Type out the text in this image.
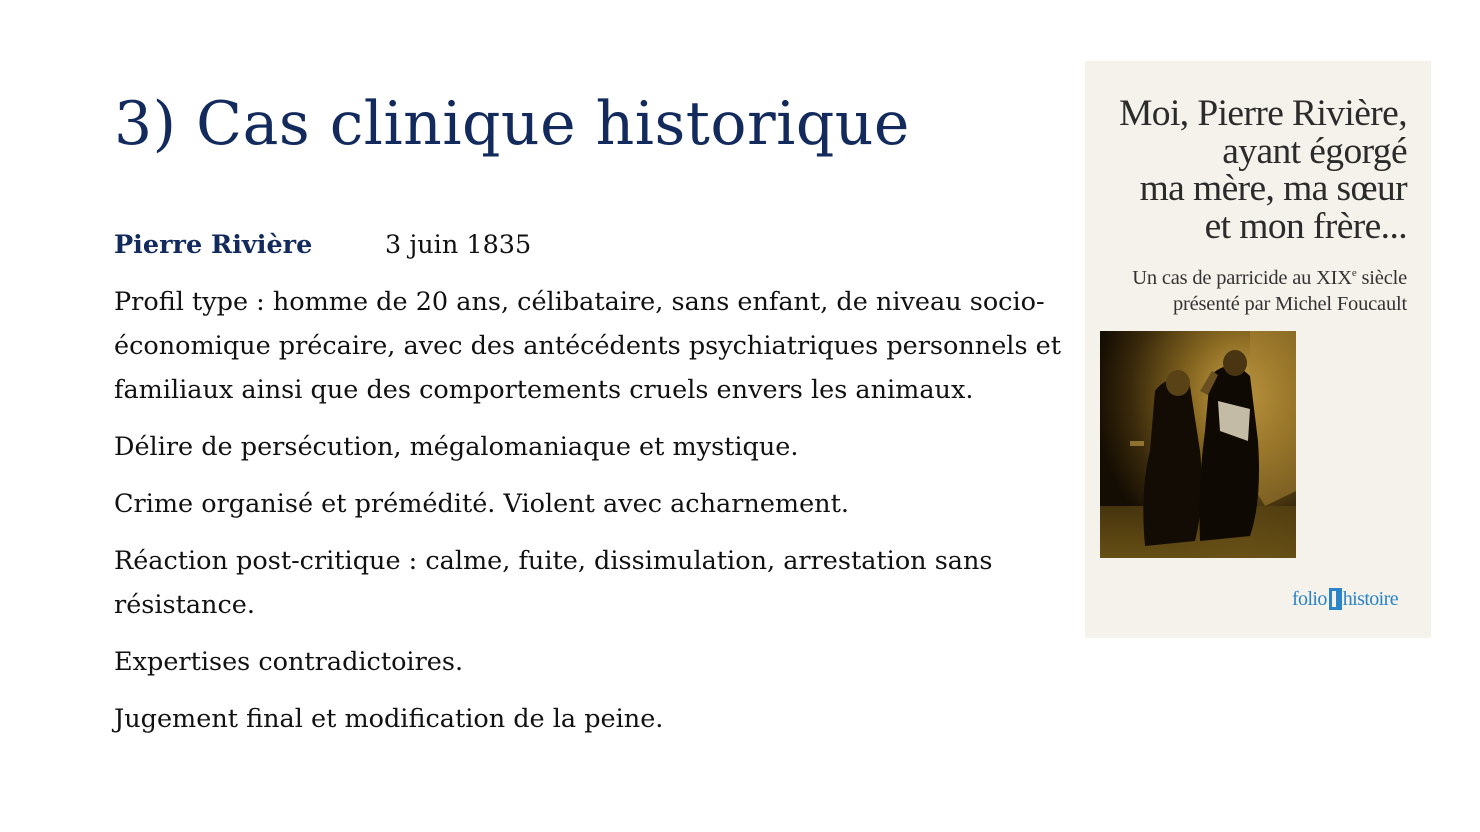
3) Cas clinique historique
Pierre Rivière	3 juin 1835

Profil type : homme de 20 ans, célibataire, sans enfant, de niveau socio-économique précaire, avec des antécédents psychiatriques personnels et familiaux ainsi que des comportements cruels envers les animaux.

Délire de persécution, mégalomaniaque et mystique.

Crime organisé et prémédité. Violent avec acharnement.

Réaction post-critique : calme, fuite, dissimulation, arrestation sans résistance.

Expertises contradictoires.

Jugement final et modification de la peine.

Moi, Pierre Rivière,
ayant égorgé
ma mère, ma sœur
et mon frère...
Un cas de parricide au XIXe siècle
présenté par Michel Foucault
folio histoire
